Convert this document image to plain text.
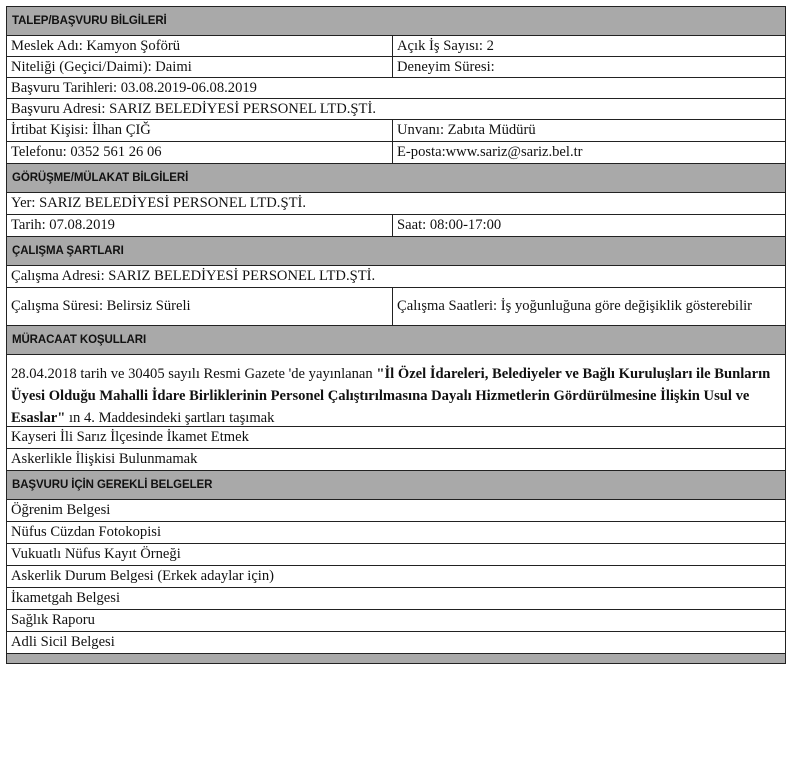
TALEP/BAŞVURU BİLGİLERİ
Meslek Adı: Kamyon Şoförü	Açık İş Sayısı: 2
Niteliği (Geçici/Daimi): Daimi	Deneyim Süresi:
Başvuru Tarihleri: 03.08.2019-06.08.2019
Başvuru Adresi: SARIZ BELEDİYESİ PERSONEL LTD.ŞTİ.
İrtibat Kişisi: İlhan ÇIĞ	Unvanı: Zabıta Müdürü
Telefonu: 0352 561 26 06	E-posta:www.sariz@sariz.bel.tr
GÖRÜŞME/MÜLAKAT BİLGİLERİ
Yer: SARIZ BELEDİYESİ PERSONEL LTD.ŞTİ.
Tarih: 07.08.2019	Saat: 08:00-17:00
ÇALIŞMA ŞARTLARI
Çalışma Adresi: SARIZ BELEDİYESİ PERSONEL LTD.ŞTİ.
Çalışma Süresi: Belirsiz Süreli	Çalışma Saatleri: İş yoğunluğuna göre değişiklik gösterebilir
MÜRACAAT KOŞULLARI
28.04.2018 tarih ve 30405 sayılı Resmi Gazete 'de yayınlanan "İl Özel İdareleri, Belediyeler ve Bağlı Kuruluşları ile Bunların Üyesi Olduğu Mahalli İdare Birliklerinin Personel Çalıştırılmasına Dayalı Hizmetlerin Gördürülmesine İlişkin Usul ve Esaslar" ın 4. Maddesindeki şartları taşımak
Kayseri İli Sarız İlçesinde İkamet Etmek
Askerlikle İlişkisi Bulunmamak
BAŞVURU İÇİN GEREKLİ BELGELER
Öğrenim Belgesi
Nüfus Cüzdan Fotokopisi
Vukuatlı Nüfus Kayıt Örneği
Askerlik Durum Belgesi (Erkek adaylar için)
İkametgah Belgesi
Sağlık Raporu
Adli Sicil Belgesi
